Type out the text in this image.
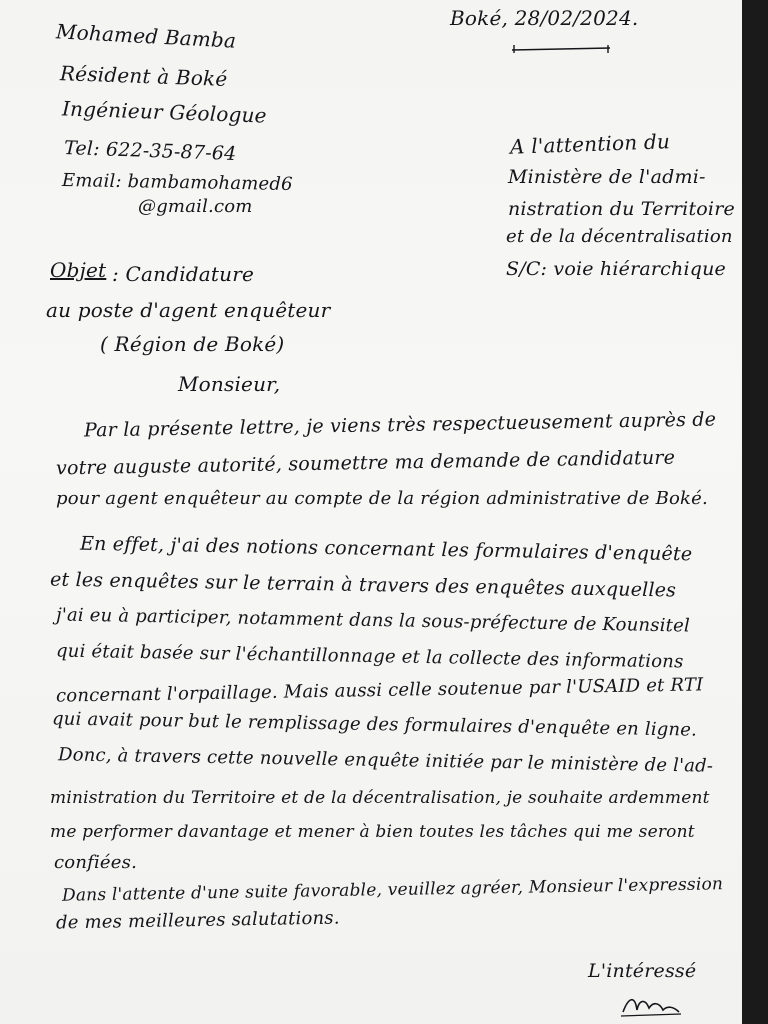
Boké, 28/02/2024.
Mohamed Bamba
Résident à Boké
Ingénieur Géologue
Tel: 622-35-87-64
Email: bambamohamed6
@gmail.com
A l'attention du
Ministère de l'admi-
nistration du Territoire
et de la décentralisation
S/C: voie hiérarchique
Objet : Candidature
au poste d'agent enquêteur
( Région de Boké)
Monsieur,
Par la présente lettre, je viens très respectueusement auprès de
votre auguste autorité, soumettre ma demande de candidature
pour agent enquêteur au compte de la région administrative de Boké.
En effet, j'ai des notions concernant les formulaires d'enquête
et les enquêtes sur le terrain à travers des enquêtes auxquelles
j'ai eu à participer, notamment dans la sous-préfecture de Kounsitel
qui était basée sur l'échantillonnage et la collecte des informations
concernant l'orpaillage. Mais aussi celle soutenue par l'USAID et RTI
qui avait pour but le remplissage des formulaires d'enquête en ligne.
Donc, à travers cette nouvelle enquête initiée par le ministère de l'ad-
ministration du Territoire et de la décentralisation, je souhaite ardemment
me performer davantage et mener à bien toutes les tâches qui me seront
confiées.
Dans l'attente d'une suite favorable, veuillez agréer, Monsieur l'expression
de mes meilleures salutations.
L'intéressé
